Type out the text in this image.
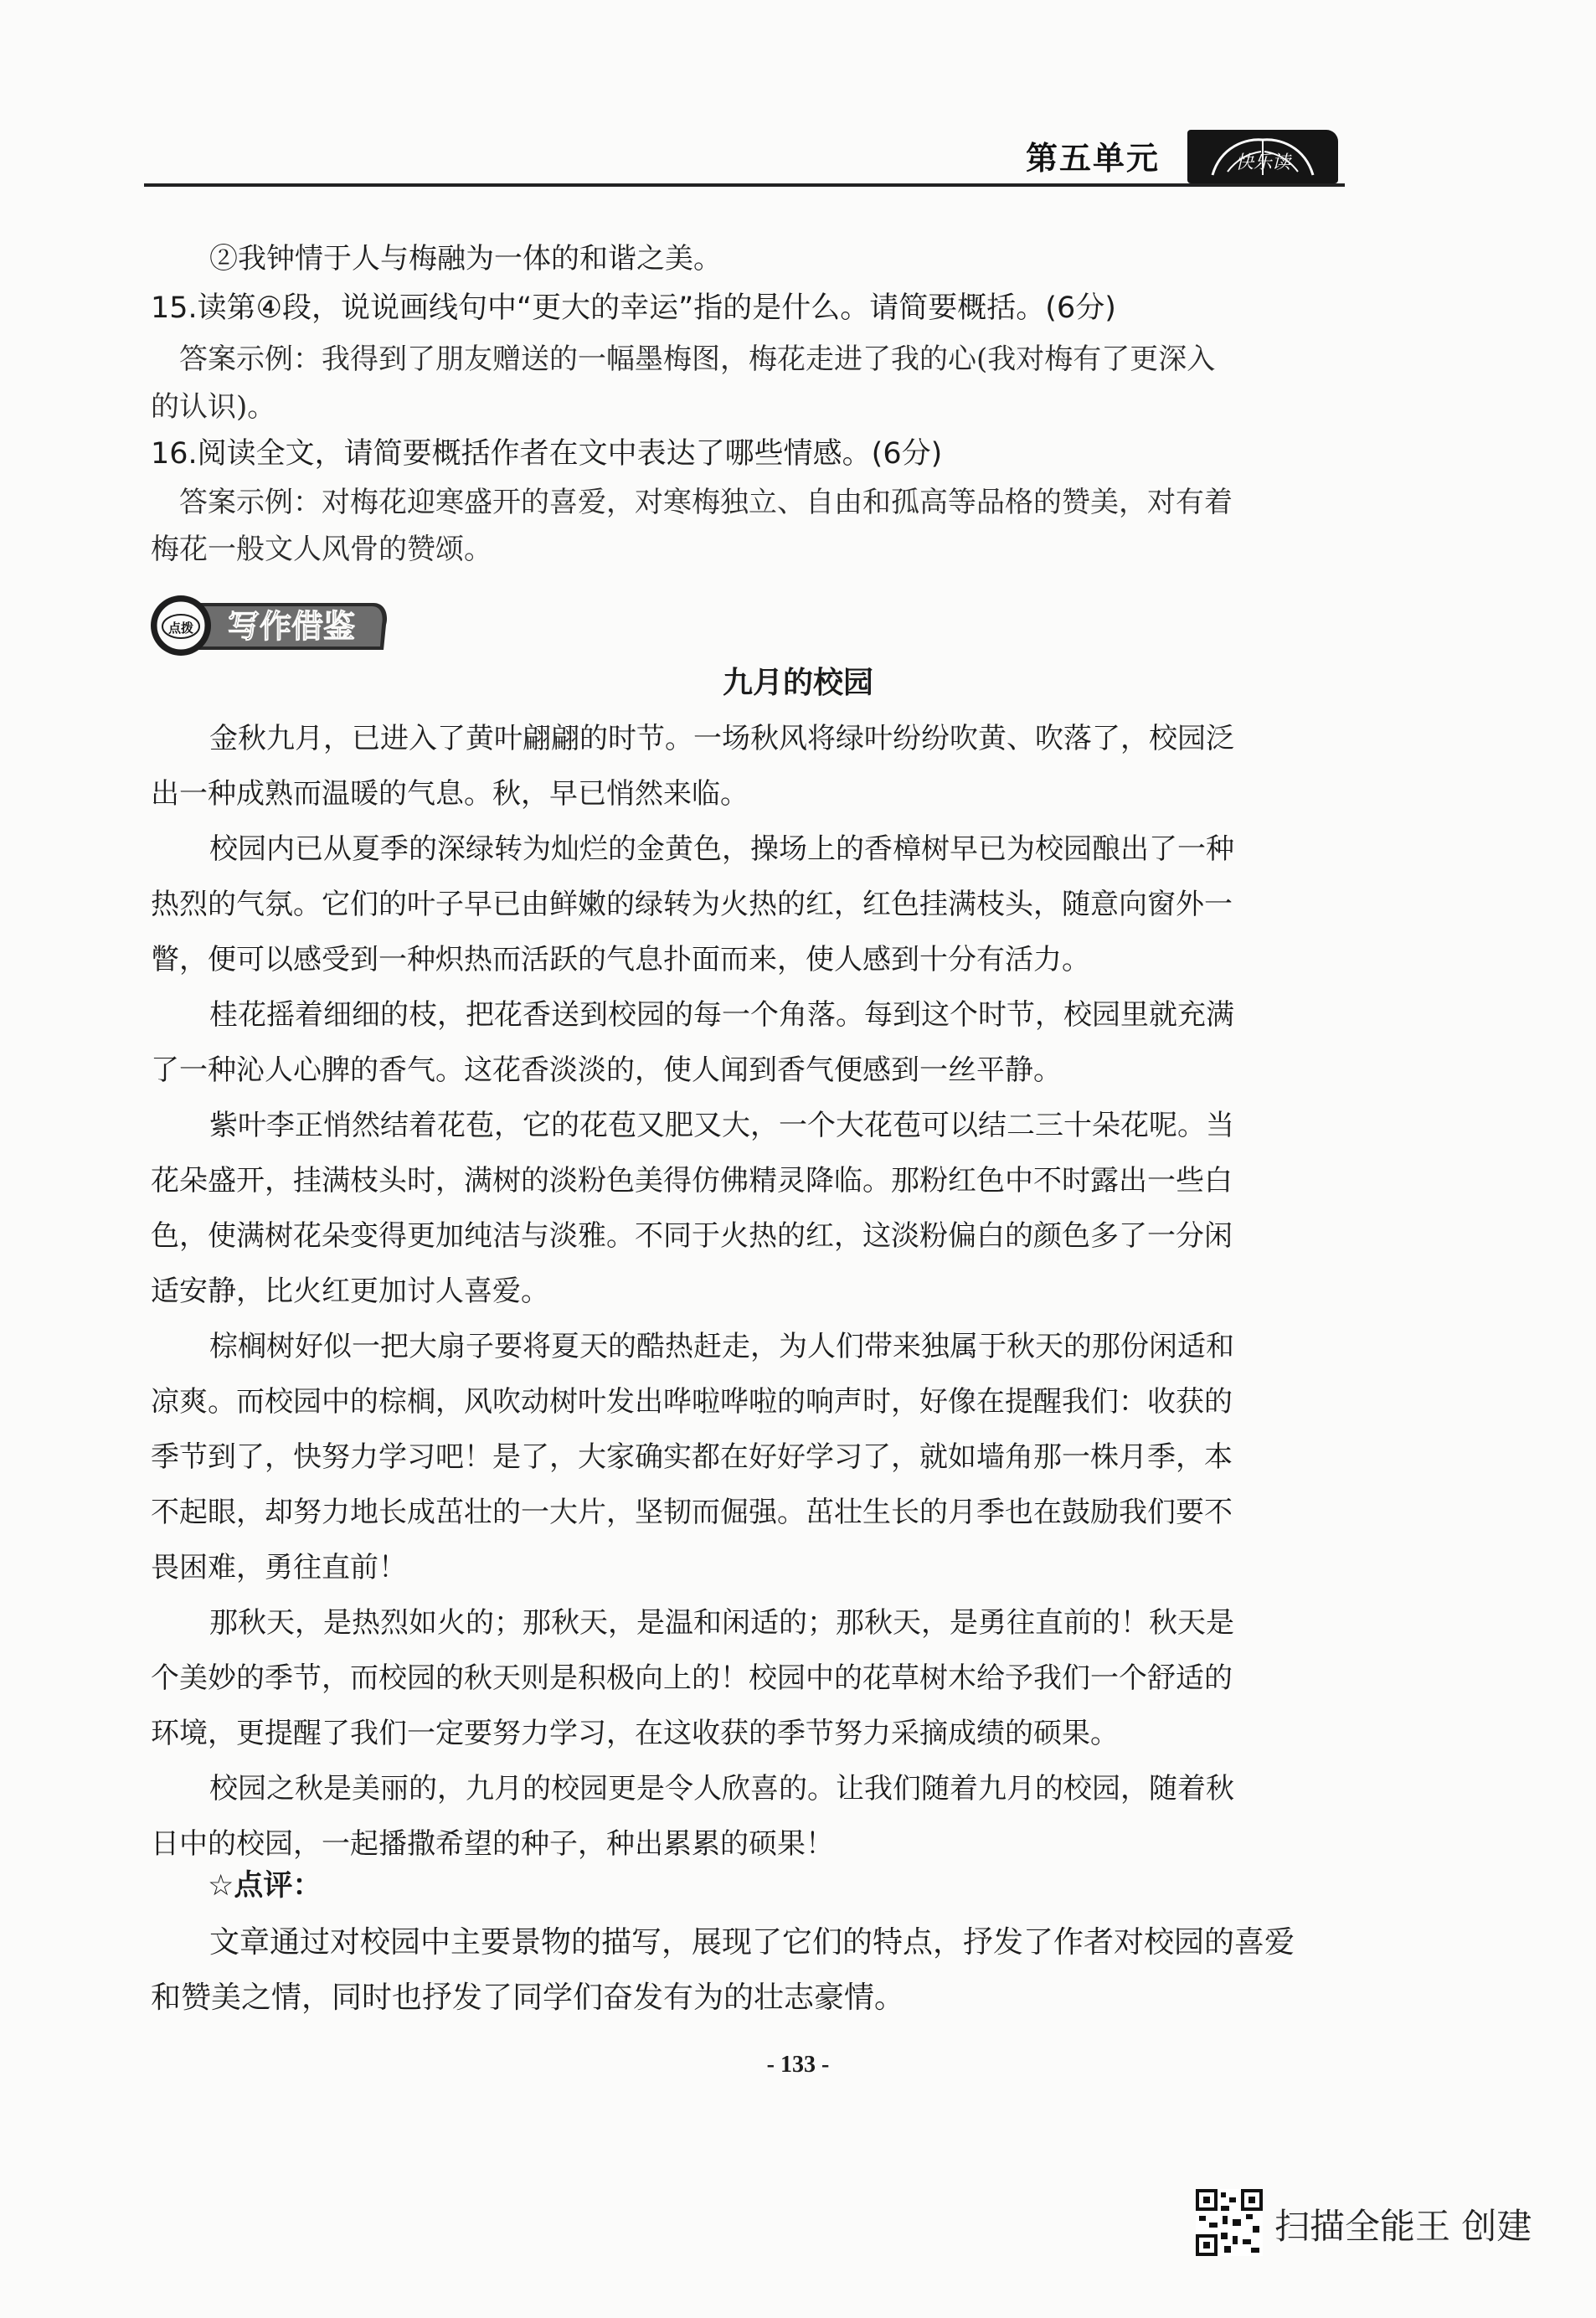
第五单元	快乐读
②我钟情于人与梅融为一体的和谐之美。
15.读第④段，说说画线句中“更大的幸运”指的是什么。请简要概括。(6分)
答案示例：我得到了朋友赠送的一幅墨梅图，梅花走进了我的心(我对梅有了更深入
的认识)。
16.阅读全文，请简要概括作者在文中表达了哪些情感。(6分)
答案示例：对梅花迎寒盛开的喜爱，对寒梅独立、自由和孤高等品格的赞美，对有着
梅花一般文人风骨的赞颂。
点拨 写作借鉴
九月的校园
金秋九月，已进入了黄叶翩翩的时节。一场秋风将绿叶纷纷吹黄、吹落了，校园泛
出一种成熟而温暖的气息。秋，早已悄然来临。
校园内已从夏季的深绿转为灿烂的金黄色，操场上的香樟树早已为校园酿出了一种
热烈的气氛。它们的叶子早已由鲜嫩的绿转为火热的红，红色挂满枝头，随意向窗外一
瞥，便可以感受到一种炽热而活跃的气息扑面而来，使人感到十分有活力。
桂花摇着细细的枝，把花香送到校园的每一个角落。每到这个时节，校园里就充满
了一种沁人心脾的香气。这花香淡淡的，使人闻到香气便感到一丝平静。
紫叶李正悄然结着花苞，它的花苞又肥又大，一个大花苞可以结二三十朵花呢。当
花朵盛开，挂满枝头时，满树的淡粉色美得仿佛精灵降临。那粉红色中不时露出一些白
色，使满树花朵变得更加纯洁与淡雅。不同于火热的红，这淡粉偏白的颜色多了一分闲
适安静，比火红更加讨人喜爱。
棕榈树好似一把大扇子要将夏天的酷热赶走，为人们带来独属于秋天的那份闲适和
凉爽。而校园中的棕榈，风吹动树叶发出哗啦哗啦的响声时，好像在提醒我们：收获的
季节到了，快努力学习吧！是了，大家确实都在好好学习了，就如墙角那一株月季，本
不起眼，却努力地长成茁壮的一大片，坚韧而倔强。茁壮生长的月季也在鼓励我们要不
畏困难，勇往直前！
那秋天，是热烈如火的；那秋天，是温和闲适的；那秋天，是勇往直前的！秋天是
个美妙的季节，而校园的秋天则是积极向上的！校园中的花草树木给予我们一个舒适的
环境，更提醒了我们一定要努力学习，在这收获的季节努力采摘成绩的硕果。
校园之秋是美丽的，九月的校园更是令人欣喜的。让我们随着九月的校园，随着秋
日中的校园，一起播撒希望的种子，种出累累的硕果！
☆点评：
文章通过对校园中主要景物的描写，展现了它们的特点，抒发了作者对校园的喜爱
和赞美之情，同时也抒发了同学们奋发有为的壮志豪情。
- 133 -
扫描全能王 创建
